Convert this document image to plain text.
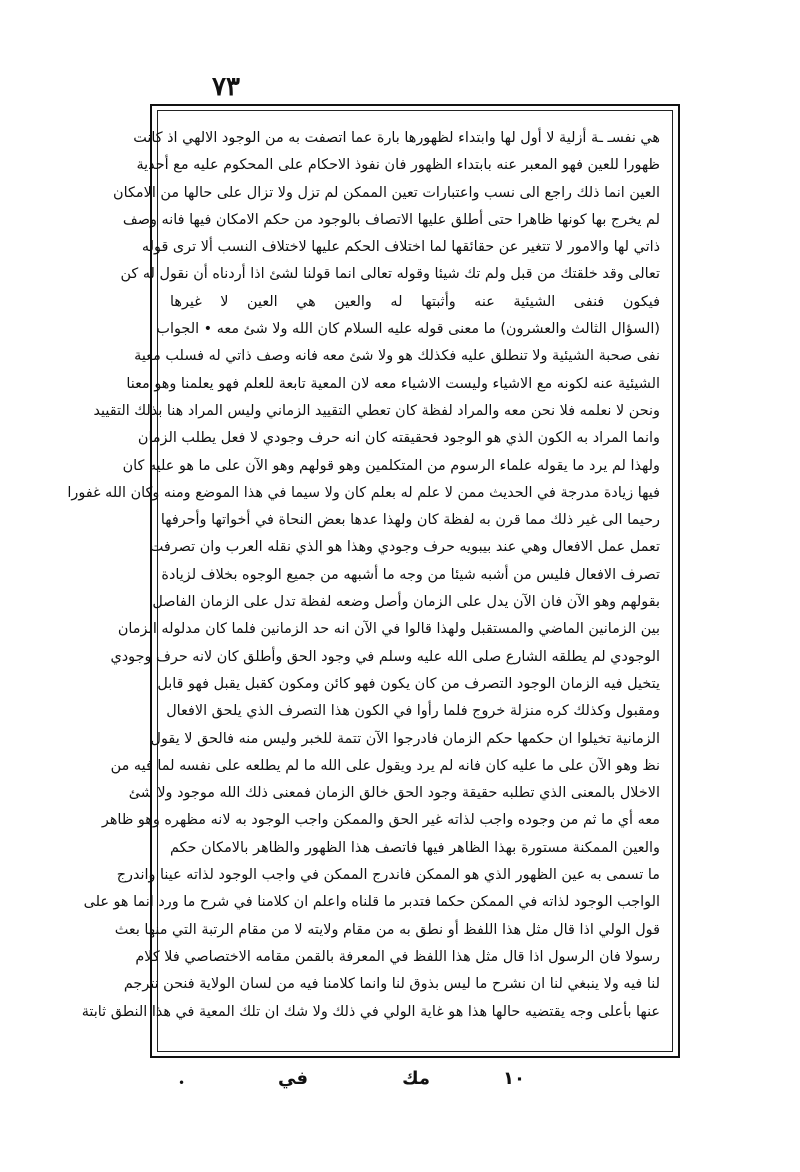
٧٣
هي نفسـ ـة أزلية لا أول لها وابتداء لظهورها بارة عما اتصفت به من الوجود الالهي اذ كانت
ظهورا للعين فهو المعبر عنه بابتداء الظهور فان نفوذ الاحكام على المحكوم عليه مع أحدية
العين انما ذلك راجع الى نسب واعتبارات تعين الممكن لم تزل ولا تزال على حالها من الامكان
لم يخرج بها كونها ظاهرا حتى أطلق عليها الاتصاف بالوجود من حكم الامكان فيها فانه وصف
ذاتي لها والامور لا تتغير عن حقائقها لما اختلاف الحكم عليها لاختلاف النسب ألا ترى قوله
تعالى وقد خلقتك من قبل ولم تك شيئا وقوله تعالى انما قولنا لشئ اذا أردناه أن نقول له كن
فيكون فنفى الشيئية عنه وأثبتها له والعين هي العين لا غيرها
(السؤال الثالث والعشرون) ما معنى قوله عليه السلام كان الله ولا شئ معه • الجواب
نفى صحبة الشيئية ولا تنطلق عليه فكذلك هو ولا شئ معه فانه وصف ذاتي له فسلب معية
الشيئية عنه لكونه مع الاشياء وليست الاشياء معه لان المعية تابعة للعلم فهو يعلمنا وهو معنا
ونحن لا نعلمه فلا نحن معه والمراد لفظة كان تعطي التقييد الزماني وليس المراد هنا بذلك التقييد
وانما المراد به الكون الذي هو الوجود فحقيقته كان انه حرف وجودي لا فعل يطلب الزمان
ولهذا لم يرد ما يقوله علماء الرسوم من المتكلمين وهو قولهم وهو الآن على ما هو عليه كان
فيها زيادة مدرجة في الحديث ممن لا علم له بعلم كان ولا سيما في هذا الموضع ومنه وكان الله غفورا
رحيما الى غير ذلك مما قرن به لفظة كان ولهذا عدها بعض النحاة في أخواتها وأحرفها
تعمل عمل الافعال وهي عند بيبويه حرف وجودي وهذا هو الذي نقله العرب وان تصرفت
تصرف الافعال فليس من أشبه شيئا من وجه ما أشبهه من جميع الوجوه بخلاف لزيادة
بقولهم وهو الآن فان الآن يدل على الزمان وأصل وضعه لفظة تدل على الزمان الفاصل
بين الزمانين الماضي والمستقبل ولهذا قالوا في الآن انه حد الزمانين فلما كان مدلوله الزمان
الوجودي لم يطلقه الشارع صلى الله عليه وسلم في وجود الحق وأطلق كان لانه حرف وجودي
يتخيل فيه الزمان الوجود التصرف من كان يكون فهو كائن ومكون كقبل يقبل فهو قابل
ومقبول وكذلك كره منزلة خروج فلما رأوا في الكون هذا التصرف الذي يلحق الافعال
الزمانية تخيلوا ان حكمها حكم الزمان فادرجوا الآن تتمة للخبر وليس منه فالحق لا يقول
نظ وهو الآن على ما عليه كان فانه لم يرد ويقول على الله ما لم يطلعه على نفسه لما فيه من
الاخلال بالمعنى الذي تطلبه حقيقة وجود الحق خالق الزمان فمعنى ذلك الله موجود ولا شئ
معه أي ما ثم من وجوده واجب لذاته غير الحق والممكن واجب الوجود به لانه مظهره وهو ظاهر
والعين الممكنة مستورة بهذا الظاهر فيها فاتصف هذا الظهور والظاهر بالامكان حكم
ما تسمى به عين الظهور الذي هو الممكن فاندرج الممكن في واجب الوجود لذاته عينا واندرج
الواجب الوجود لذاته في الممكن حكما فتدبر ما قلناه واعلم ان كلامنا في شرح ما ورد انما هو على
قول الولي اذا قال مثل هذا اللفظ أو نطق به من مقام ولايته لا من مقام الرتبة التي منها بعث
رسولا فان الرسول اذا قال مثل هذا اللفظ في المعرفة بالقمن مقامه الاختصاصي فلا كلام
لنا فيه ولا ينبغي لنا ان نشرح ما ليس بذوق لنا وانما كلامنا فيه من لسان الولاية فنحن نترجم
عنها بأعلى وجه يقتضيه حالها هذا هو غاية الولي في ذلك ولا شك ان تلك المعية في هذا النطق ثابتة
١٠
مك
في
•
